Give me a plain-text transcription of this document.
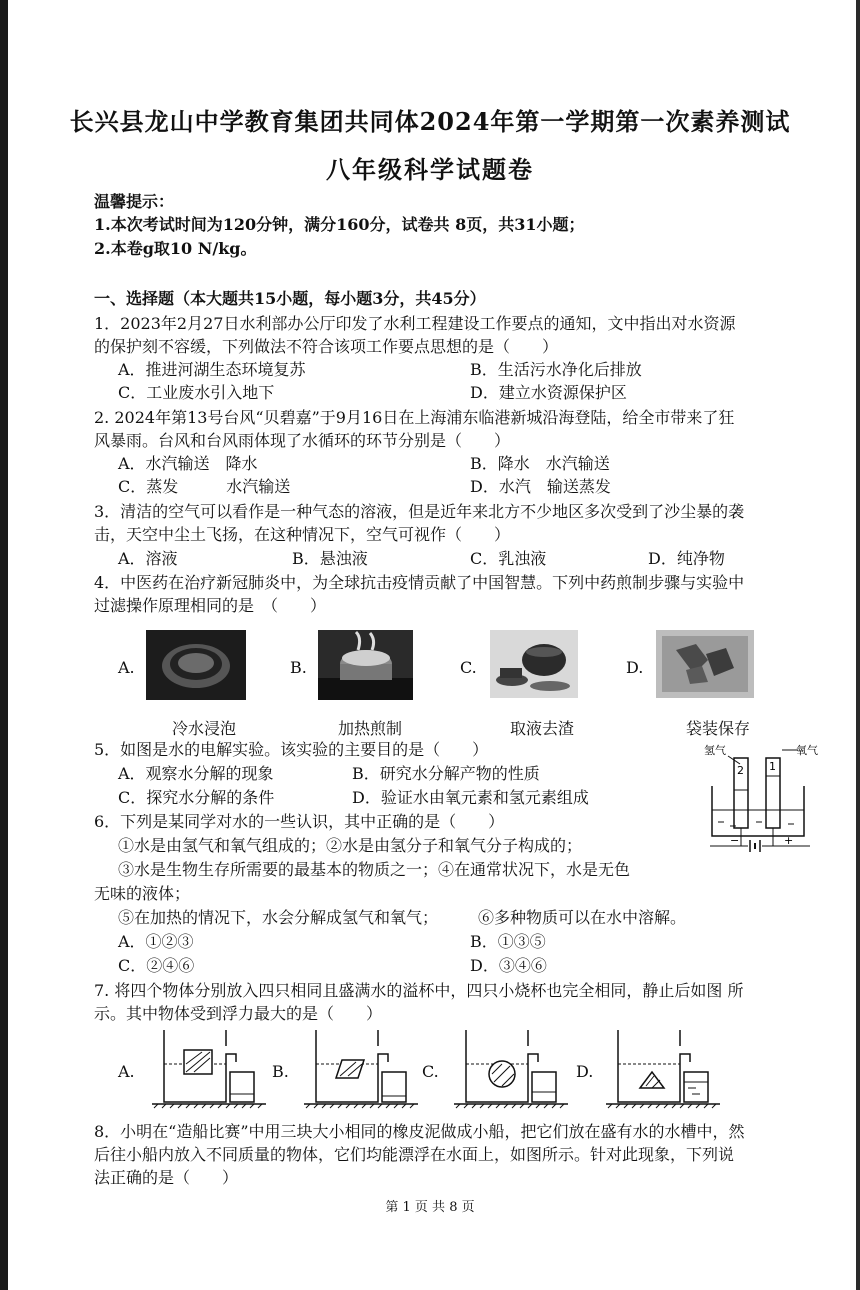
长兴县龙山中学教育集团共同体2024年第一学期第一次素养测试
八年级科学试题卷
温馨提示：
1.本次考试时间为120分钟，满分160分，试卷共 8页，共31小题；
2.本卷g取10 N/kg。
一、选择题（本大题共15小题，每小题3分，共45分）
1．2023年2月27日水利部办公厅印发了水利工程建设工作要点的通知，文中指出对水资源
的保护刻不容缓，下列做法不符合该项工作要点思想的是（　　）
A．推进河湖生态环境复苏	B．生活污水净化后排放
C．工业废水引入地下	D．建立水资源保护区
2. 2024年第13号台风“贝碧嘉”于9月16日在上海浦东临港新城沿海登陆，给全市带来了狂
风暴雨。台风和台风雨体现了水循环的环节分别是（　　）
A．水汽输送　降水	B．降水　水汽输送
C．蒸发　　　水汽输送	D．水汽　输送蒸发
3．清洁的空气可以看作是一种气态的溶液，但是近年来北方不少地区多次受到了沙尘暴的袭
击，天空中尘土飞扬，在这种情况下，空气可视作（　　）
A．溶液	B．悬浊液	C．乳浊液	D．纯净物
4．中医药在治疗新冠肺炎中，为全球抗击疫情贡献了中国智慧。下列中药煎制步骤与实验中
过滤操作原理相同的是　（　　）
A.	B.	C.	D.
冷水浸泡	加热煎制	取液去渣	袋装保存
5．如图是水的电解实验。该实验的主要目的是（　　）
A．观察水分解的现象	B．研究水分解产物的性质
C．探究水分解的条件	D．验证水由氧元素和氢元素组成
氢气	氧气
2 1
−	+
6．下列是某同学对水的一些认识，其中正确的是（　　）
①水是由氢气和氧气组成的；②水是由氢分子和氧气分子构成的；
③水是生物生存所需要的最基本的物质之一；④在通常状况下，水是无色
无味的液体；
⑤在加热的情况下，水会分解成氢气和氧气；　　　⑥多种物质可以在水中溶解。
A．①②③	B．①③⑤
C．②④⑥	D．③④⑥
7. 将四个物体分别放入四只相同且盛满水的溢杯中，四只小烧杯也完全相同，静止后如图 所
示。其中物体受到浮力最大的是（　　）
A.	B.	C.	D.
8．小明在“造船比赛”中用三块大小相同的橡皮泥做成小船，把它们放在盛有水的水槽中，然
后往小船内放入不同质量的物体，它们均能漂浮在水面上，如图所示。针对此现象，下列说
法正确的是（　　）
第 1 页 共 8 页
